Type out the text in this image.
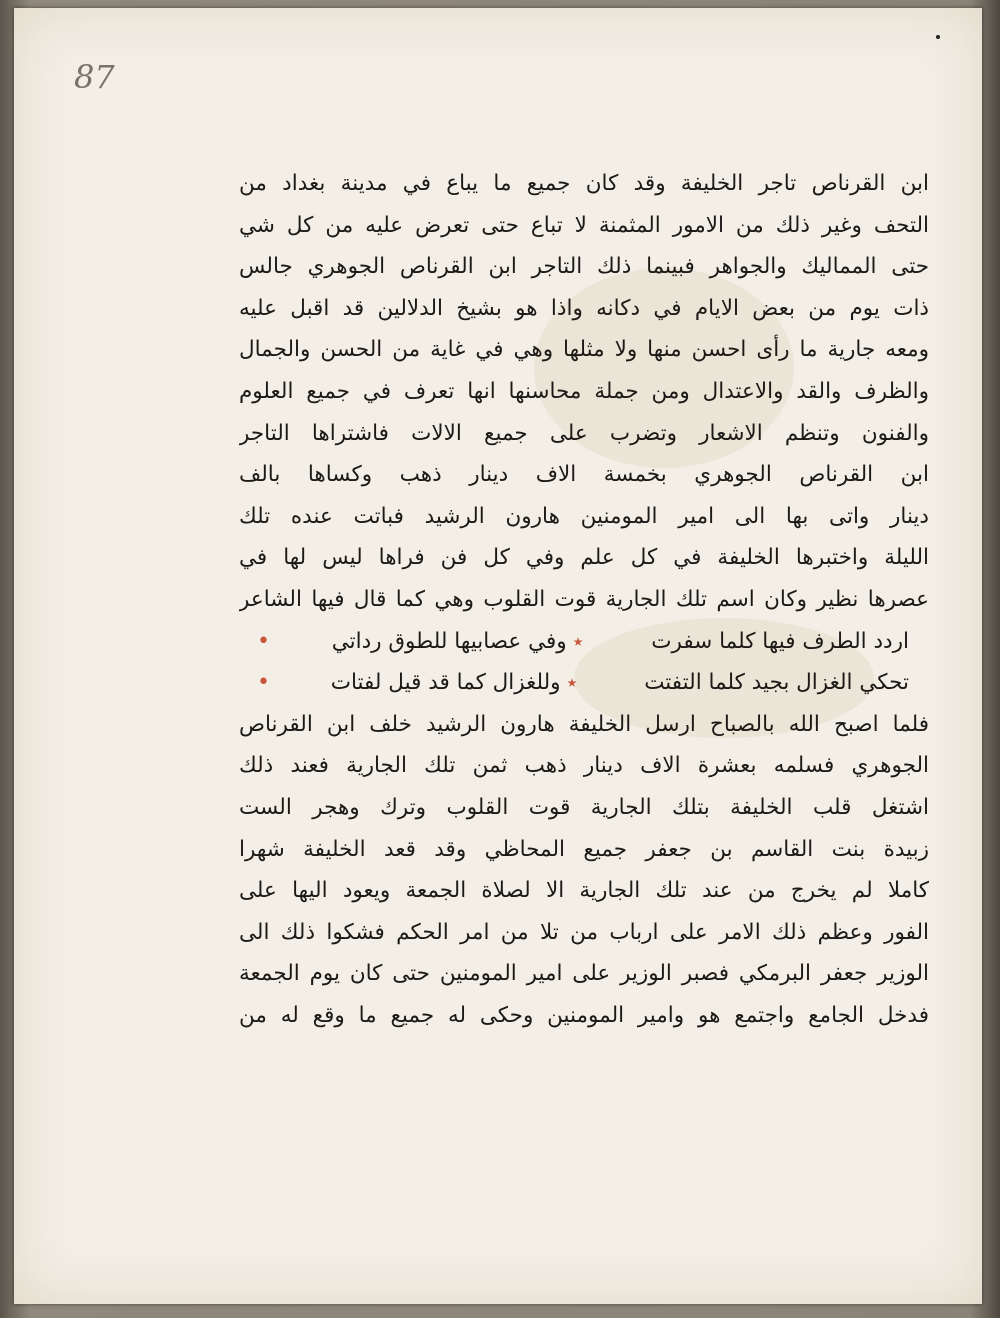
87
ابن القرناص تاجر الخليفة وقد كان جميع ما يباع في مدينة بغداد من
التحف وغير ذلك من الامور المثمنة لا تباع حتى تعرض عليه من كل شي
حتى المماليك والجواهر فبينما ذلك التاجر ابن القرناص الجوهري جالس
ذات يوم من بعض الايام في دكانه واذا هو بشيخ الدلالين قد اقبل عليه
ومعه جارية ما رأى احسن منها ولا مثلها وهي في غاية من الحسن والجمال
والظرف والقد والاعتدال ومن جملة محاسنها انها تعرف في جميع العلوم
والفنون وتنظم الاشعار وتضرب على جميع الالات فاشتراها التاجر
ابن القرناص الجوهري بخمسة الاف دينار ذهب وكساها بالف
دينار واتى بها الى امير المومنين هارون الرشيد فباتت عنده تلك
الليلة واختبرها الخليفة في كل علم وفي كل فن فراها ليس لها في
عصرها نظير وكان اسم تلك الجارية قوت القلوب وهي كما قال فيها الشاعر
اردد الطرف فيها كلما سفرت
٭
وفي عصابيها للطوق رداتي
•
تحكي الغزال بجيد كلما التفتت
٭
وللغزال كما قد قيل لفتات
•
فلما اصبح الله بالصباح ارسل الخليفة هارون الرشيد خلف ابن القرناص
الجوهري فسلمه بعشرة الاف دينار ذهب ثمن تلك الجارية فعند ذلك
اشتغل قلب الخليفة بتلك الجارية قوت القلوب وترك وهجر الست
زبيدة بنت القاسم بن جعفر جميع المحاظي وقد قعد الخليفة شهرا
كاملا لم يخرج من عند تلك الجارية الا لصلاة الجمعة ويعود اليها على
الفور وعظم ذلك الامر على ارباب من تلا من امر الحكم فشكوا ذلك الى
الوزير جعفر البرمكي فصبر الوزير على امير المومنين حتى كان يوم الجمعة
فدخل الجامع واجتمع هو وامير المومنين وحكى له جميع ما وقع له من
